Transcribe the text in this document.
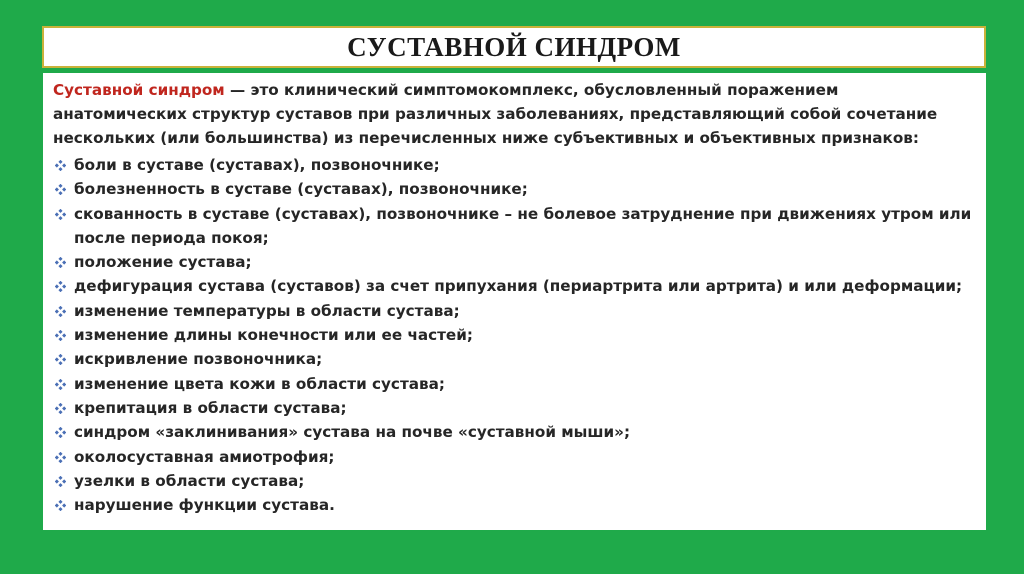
СУСТАВНОЙ СИНДРОМ

Суставной синдром — это клинический симптомокомплекс, обусловленный поражением анатомических структур суставов при различных заболеваниях, представляющий собой сочетание нескольких (или большинства) из перечисленных ниже субъективных и объективных признаков:

боли в суставе (суставах), позвоночнике;
болезненность в суставе (суставах), позвоночнике;
скованность в суставе (суставах), позвоночнике – не болевое затруднение при движениях утром или после периода покоя;
положение сустава;
дефигурация сустава (суставов) за счет припухания (периартрита или артрита) и или деформации;
изменение температуры в области сустава;
изменение длины конечности или ее частей;
искривление позвоночника;
изменение цвета кожи в области сустава;
крепитация в области сустава;
синдром «заклинивания» сустава на почве «суставной мыши»;
околосуставная амиотрофия;
узелки в области сустава;
нарушение функции сустава.
